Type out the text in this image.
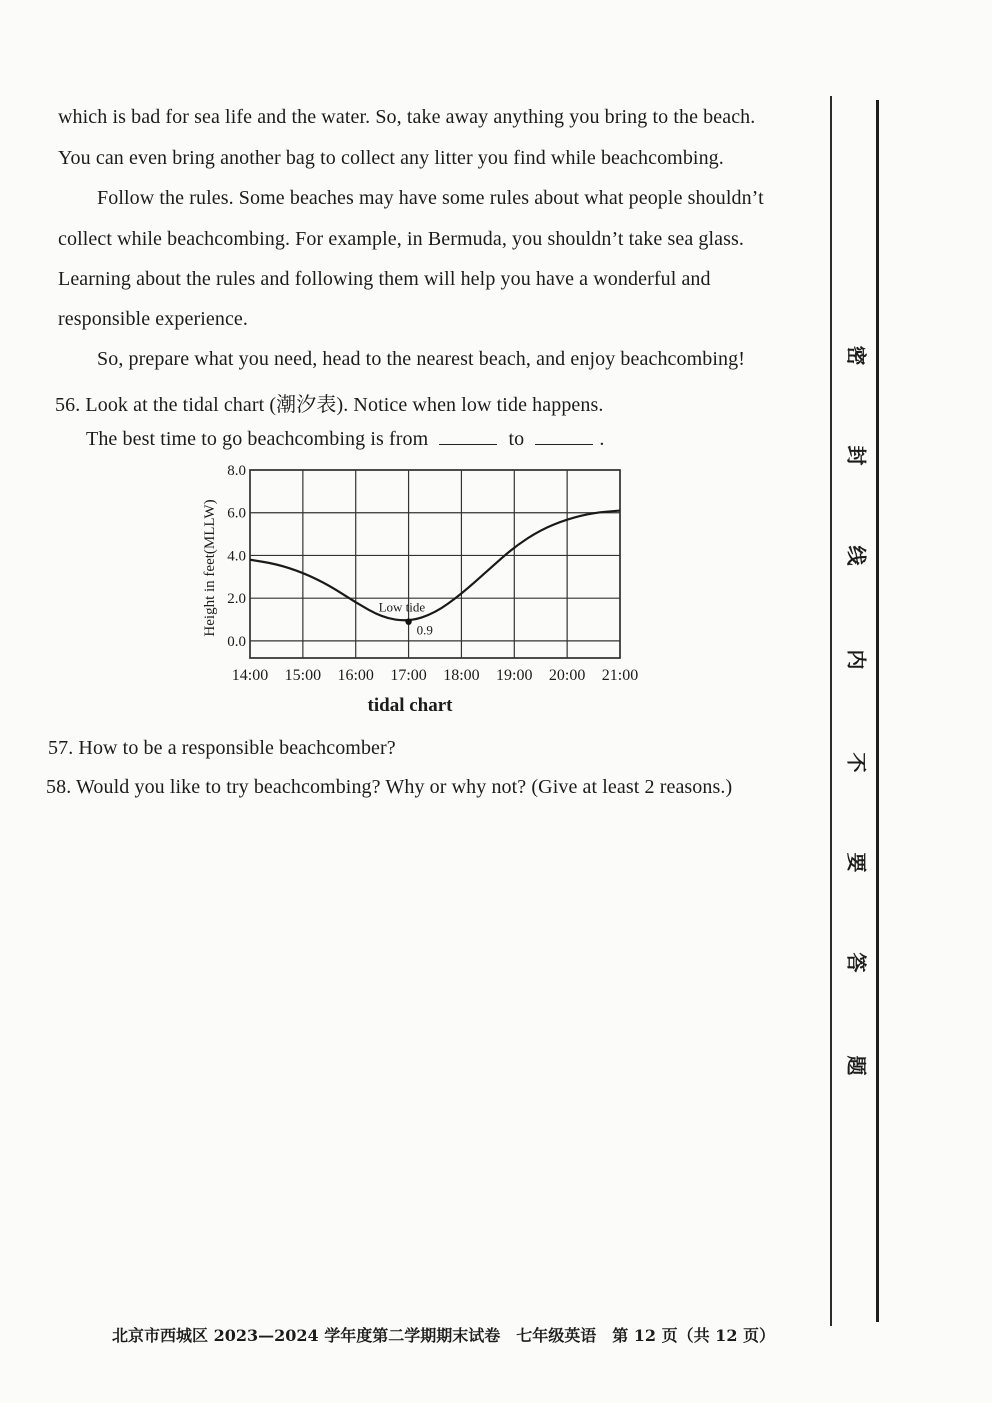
which is bad for sea life and the water. So, take away anything you bring to the beach.
You can even bring another bag to collect any litter you find while beachcombing.
Follow the rules. Some beaches may have some rules about what people shouldn’t
collect while beachcombing. For example, in Bermuda, you shouldn’t take sea glass.
Learning about the rules and following them will help you have a wonderful and
responsible experience.
So, prepare what you need, head to the nearest beach, and enjoy beachcombing!
56. Look at the tidal chart (潮汐表). Notice when low tide happens.
The best time to go beachcombing is from	to	.
14:00 15:00 16:00 17:00 18:00 19:00 20:00 21:00
8.0
6.0
4.0
2.0
0.0
Low tide
0.9
Height in feet(MLLW)
tidal chart
57. How to be a responsible beachcomber?
58. Would you like to try beachcombing? Why or why not? (Give at least 2 reasons.)
密
封
线
内
不
要
答
题
北京市西城区 2023—2024 学年度第二学期期末试卷　七年级英语　第 12 页（共 12 页）
